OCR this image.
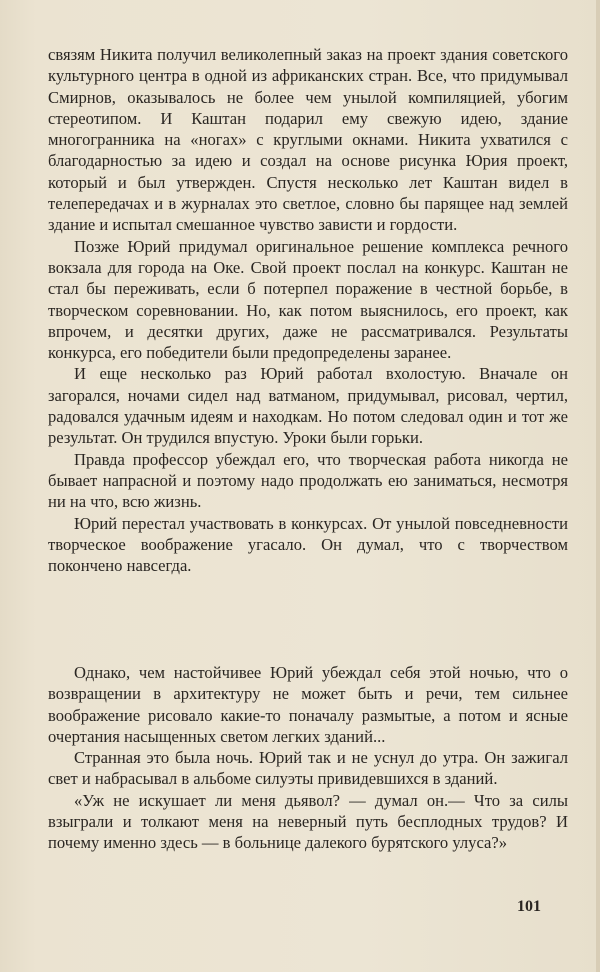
связям Никита получил великолепный заказ на проект здания советского культурного центра в одной из африканских стран. Все, что придумывал Смирнов, оказывалось не более чем унылой компиляцией, убогим стереотипом. И Каштан подарил ему свежую идею, здание многогранника на «ногах» с круглыми окнами. Никита ухватился с благодарностью за идею и создал на основе рисунка Юрия проект, который и был утвержден. Спустя несколько лет Каштан видел в телепередачах и в журналах это светлое, словно бы парящее над землей здание и испытал смешанное чувство зависти и гордости.

Позже Юрий придумал оригинальное решение комплекса речного вокзала для города на Оке. Свой проект послал на конкурс. Каштан не стал бы переживать, если б потерпел поражение в честной борьбе, в творческом соревновании. Но, как потом выяснилось, его проект, как впрочем, и десятки других, даже не рассматривался. Результаты конкурса, его победители были предопределены заранее.

И еще несколько раз Юрий работал вхолостую. Вначале он загорался, ночами сидел над ватманом, придумывал, рисовал, чертил, радовался удачным идеям и находкам. Но потом следовал один и тот же результат. Он трудился впустую. Уроки были горьки.

Правда профессор убеждал его, что творческая работа никогда не бывает напрасной и поэтому надо продолжать ею заниматься, несмотря ни на что, всю жизнь.

Юрий перестал участвовать в конкурсах. От унылой повседневности творческое воображение угасало. Он думал, что с творчеством покончено навсегда.

Однако, чем настойчивее Юрий убеждал себя этой ночью, что о возвращении в архитектуру не может быть и речи, тем сильнее воображение рисовало какие-то поначалу размытые, а потом и ясные очертания насыщенных светом легких зданий...

Странная это была ночь. Юрий так и не уснул до утра. Он зажигал свет и набрасывал в альбоме силуэты привидевшихся в зданий.

«Уж не искушает ли меня дьявол? — думал он.— Что за силы взыграли и толкают меня на неверный путь бесплодных трудов? И почему именно здесь — в больнице далекого бурятского улуса?»

101
